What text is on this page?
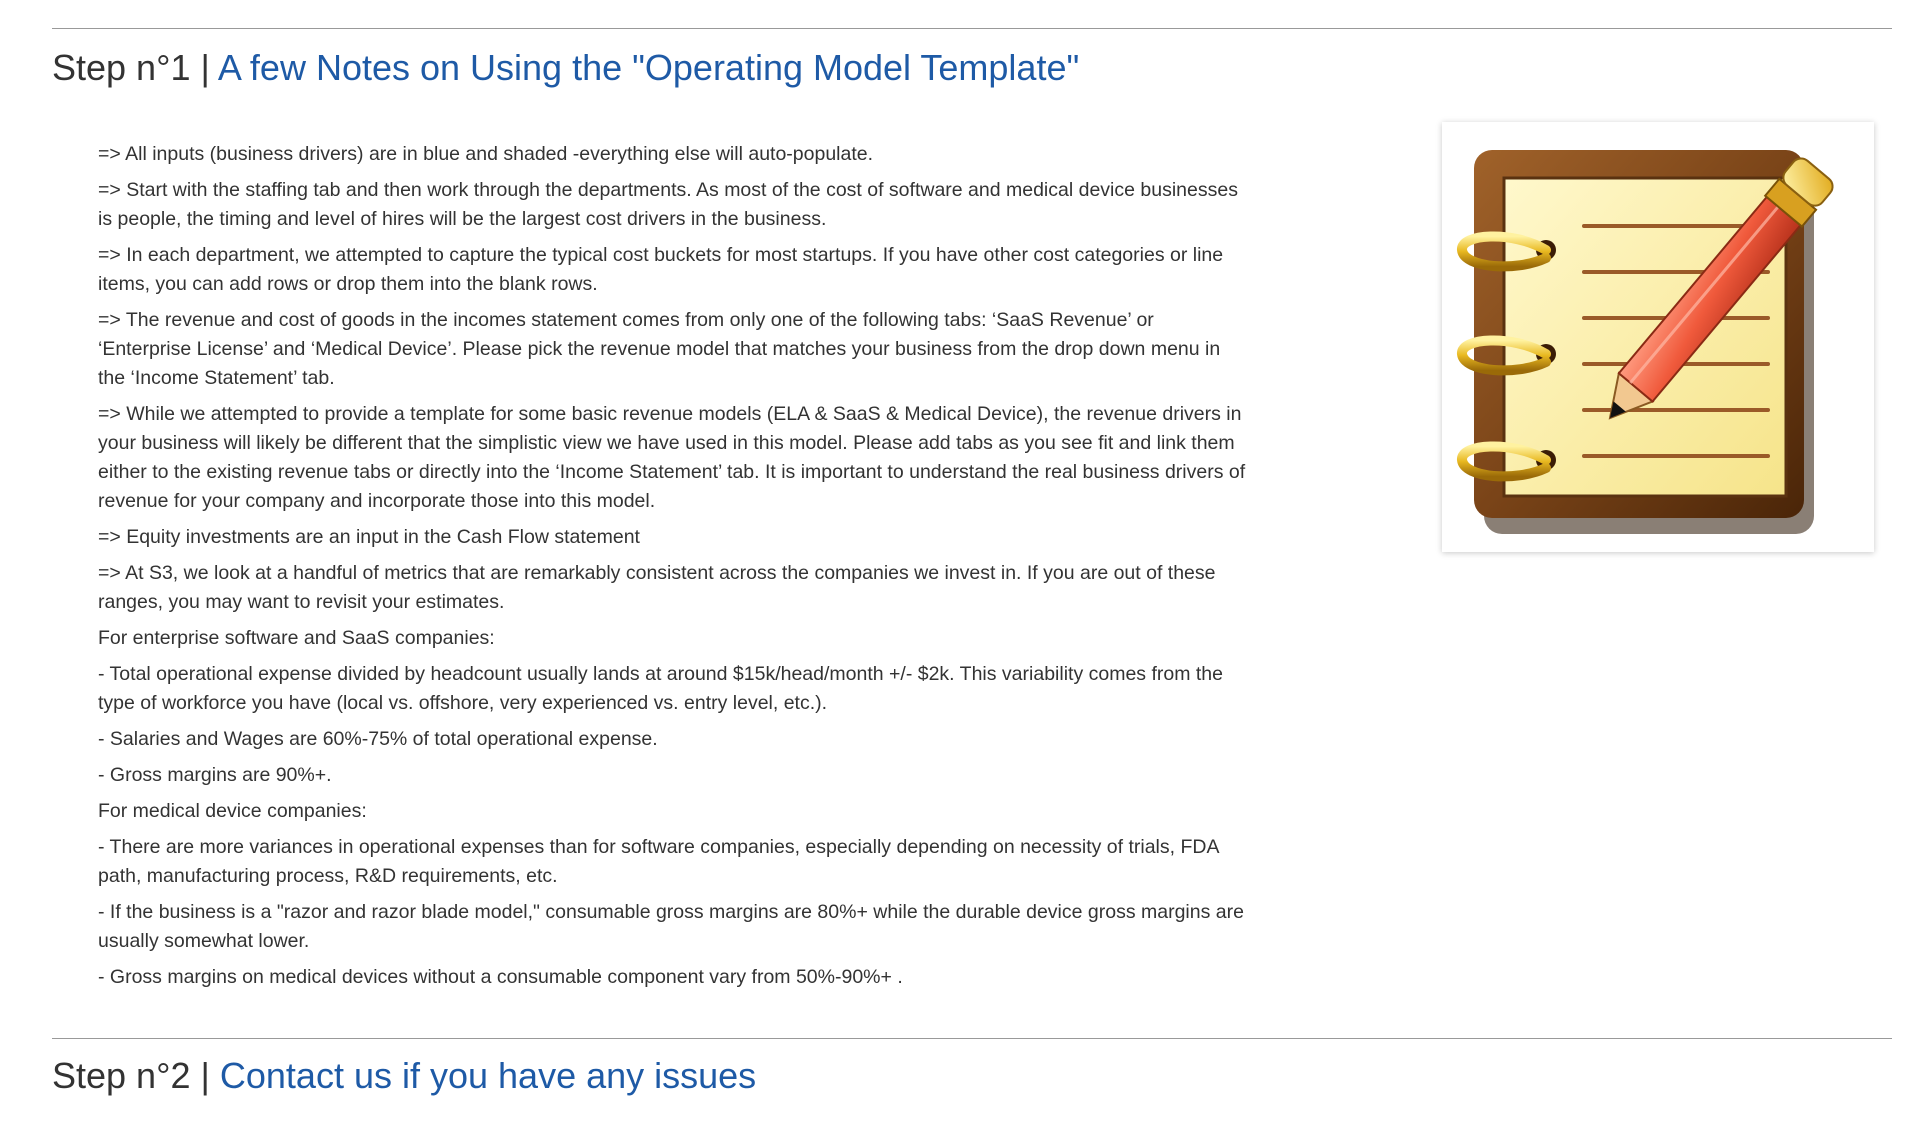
Step n°1 | A few Notes on Using the "Operating Model Template"

=> All inputs (business drivers) are in blue and shaded -everything else will auto-populate.

=> Start with the staffing tab and then work through the departments. As most of the cost of software and medical device businesses is people, the timing and level of hires will be the largest cost drivers in the business.

=> In each department, we attempted to capture the typical cost buckets for most startups. If you have other cost categories or line items, you can add rows or drop them into the blank rows.

=> The revenue and cost of goods in the incomes statement comes from only one of the following tabs: ‘SaaS Revenue’ or ‘Enterprise License’ and ‘Medical Device’. Please pick the revenue model that matches your business from the drop down menu in the ‘Income Statement’ tab.

=> While we attempted to provide a template for some basic revenue models (ELA & SaaS & Medical Device), the revenue drivers in your business will likely be different that the simplistic view we have used in this model. Please add tabs as you see fit and link them either to the existing revenue tabs or directly into the ‘Income Statement’ tab. It is important to understand the real business drivers of revenue for your company and incorporate those into this model.

=> Equity investments are an input in the Cash Flow statement

=> At S3, we look at a handful of metrics that are remarkably consistent across the companies we invest in. If you are out of these ranges, you may want to revisit your estimates.

For enterprise software and SaaS companies:

- Total operational expense divided by headcount usually lands at around $15k/head/month +/- $2k. This variability comes from the type of workforce you have (local vs. offshore, very experienced vs. entry level, etc.).

- Salaries and Wages are 60%-75% of total operational expense.

- Gross margins are 90%+.

For medical device companies:

- There are more variances in operational expenses than for software companies, especially depending on necessity of trials, FDA path, manufacturing process, R&D requirements, etc.

- If the business is a "razor and razor blade model," consumable gross margins are 80%+ while the durable device gross margins are usually somewhat lower.

- Gross margins on medical devices without a consumable component vary from 50%-90%+ .

Step n°2 | Contact us if you have any issues
